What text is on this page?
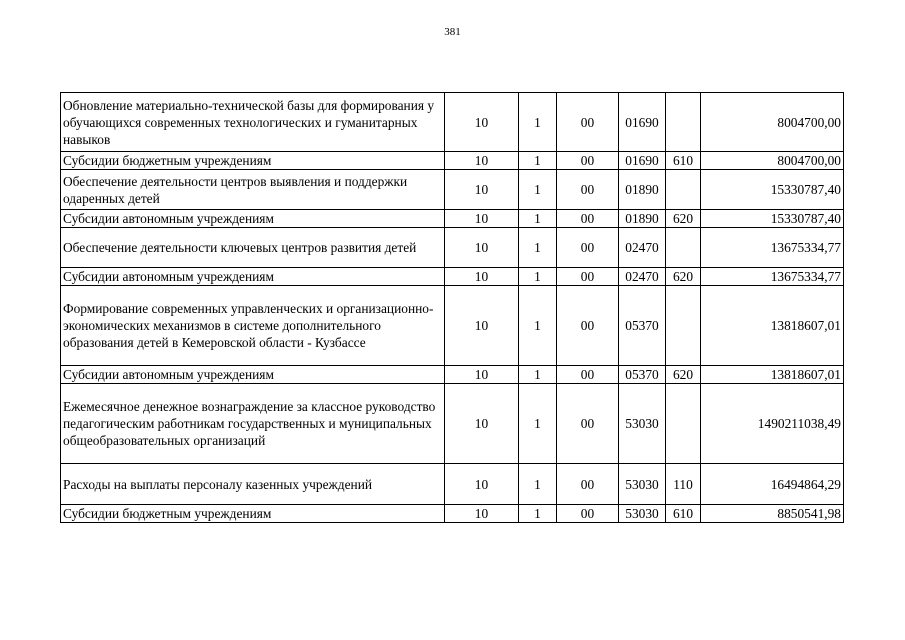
381
Обновление материально-технической базы для формирования у обучающихся современных технологических и гуманитарных навыков	10	1	00	01690		8004700,00
Субсидии бюджетным учреждениям	10	1	00	01690	610	8004700,00
Обеспечение деятельности центров выявления и поддержки одаренных детей	10	1	00	01890		15330787,40
Субсидии автономным учреждениям	10	1	00	01890	620	15330787,40
Обеспечение деятельности ключевых центров развития детей	10	1	00	02470		13675334,77
Субсидии автономным учреждениям	10	1	00	02470	620	13675334,77
Формирование современных управленческих и организационно-экономических механизмов в системе дополнительного образования детей в Кемеровской области - Кузбассе	10	1	00	05370		13818607,01
Субсидии автономным учреждениям	10	1	00	05370	620	13818607,01
Ежемесячное денежное вознаграждение за классное руководство педагогическим работникам государственных и муниципальных общеобразовательных организаций	10	1	00	53030		1490211038,49
Расходы на выплаты персоналу казенных учреждений	10	1	00	53030	110	16494864,29
Субсидии бюджетным учреждениям	10	1	00	53030	610	8850541,98
